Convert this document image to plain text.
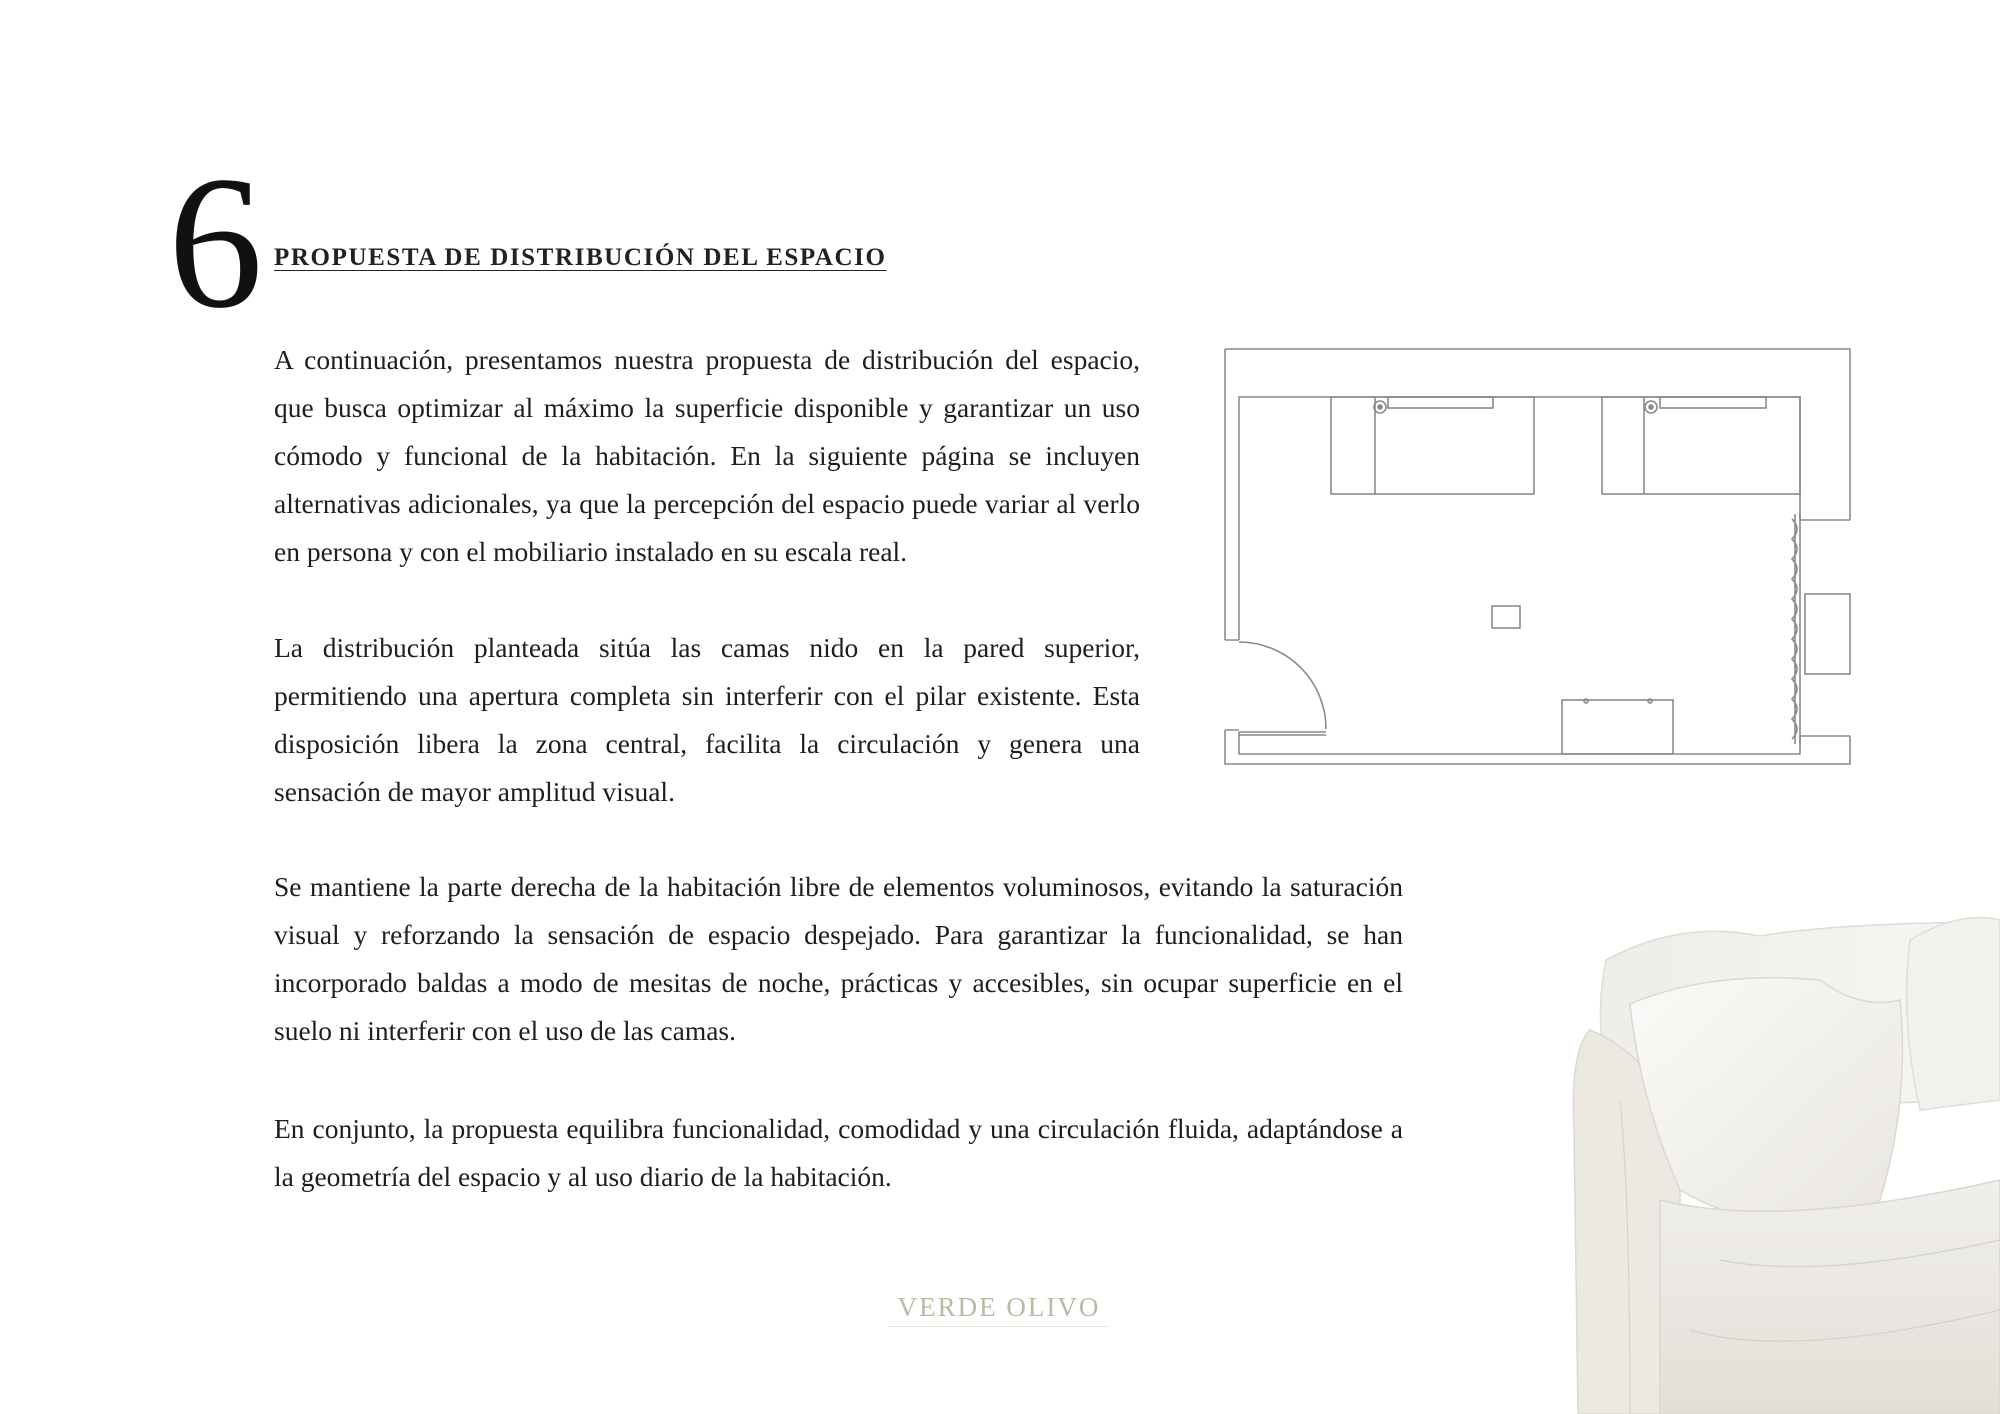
6 PROPUESTA DE DISTRIBUCIÓN DEL ESPACIO

A continuación, presentamos nuestra propuesta de distribución del espacio, que busca optimizar al máximo la superficie disponible y garantizar un uso cómodo y funcional de la habitación. En la siguiente página se incluyen alternativas adicionales, ya que la percepción del espacio puede variar al verlo en persona y con el mobiliario instalado en su escala real.

La distribución planteada sitúa las camas nido en la pared superior, permitiendo una apertura completa sin interferir con el pilar existente. Esta disposición libera la zona central, facilita la circulación y genera una sensación de mayor amplitud visual.

Se mantiene la parte derecha de la habitación libre de elementos voluminosos, evitando la saturación visual y reforzando la sensación de espacio despejado. Para garantizar la funcionalidad, se han incorporado baldas a modo de mesitas de noche, prácticas y accesibles, sin ocupar superficie en el suelo ni interferir con el uso de las camas.

En conjunto, la propuesta equilibra funcionalidad, comodidad y una circulación fluida, adaptándose a la geometría del espacio y al uso diario de la habitación.

VERDE OLIVO
